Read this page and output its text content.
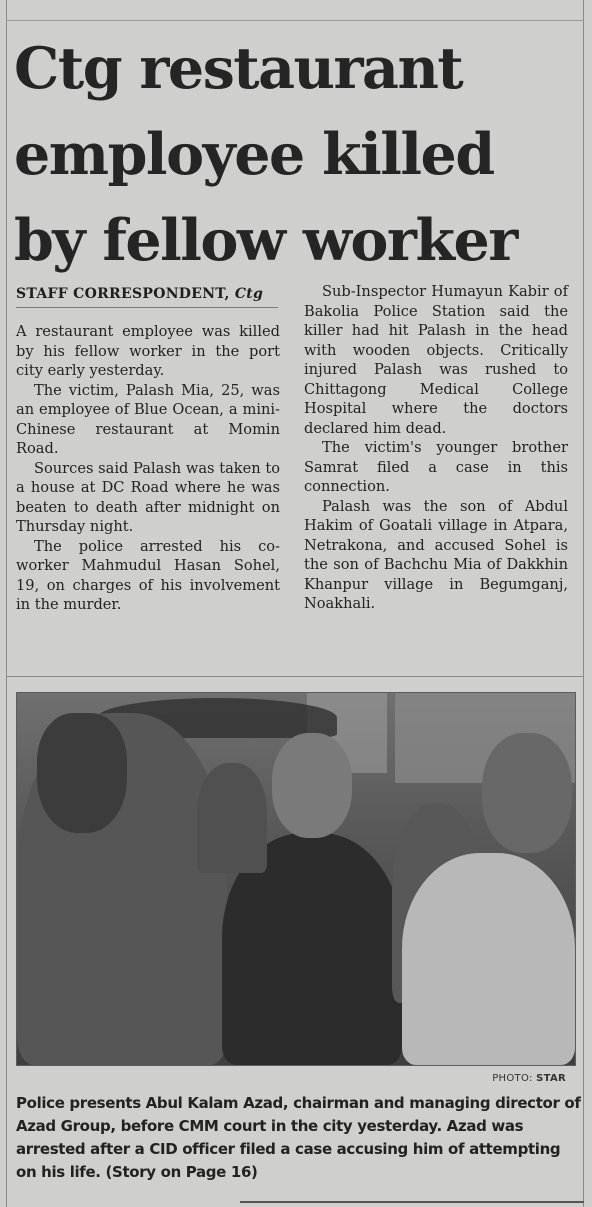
Ctg restaurant employee killed by fellow worker
STAFF CORRESPONDENT, Ctg

A restaurant employee was killed by his fellow worker in the port city early yesterday.

The victim, Palash Mia, 25, was an employee of Blue Ocean, a mini-Chinese restaurant at Momin Road.

Sources said Palash was taken to a house at DC Road where he was beaten to death after midnight on Thursday night.

The police arrested his co-worker Mahmudul Hasan Sohel, 19, on charges of his involvement in the murder.

Sub-Inspector Humayun Kabir of Bakolia Police Station said the killer had hit Palash in the head with wooden objects. Critically injured Palash was rushed to Chittagong Medical College Hospital where the doctors declared him dead.

The victim's younger brother Samrat filed a case in this connection.

Palash was the son of Abdul Hakim of Goatali village in Atpara, Netrakona, and accused Sohel is the son of Bachchu Mia of Dakkhin Khanpur village in Begumganj, Noakhali.

PHOTO: STAR

Police presents Abul Kalam Azad, chairman and managing director of Azad Group, before CMM court in the city yesterday. Azad was arrested after a CID officer filed a case accusing him of attempting on his life. (Story on Page 16)
